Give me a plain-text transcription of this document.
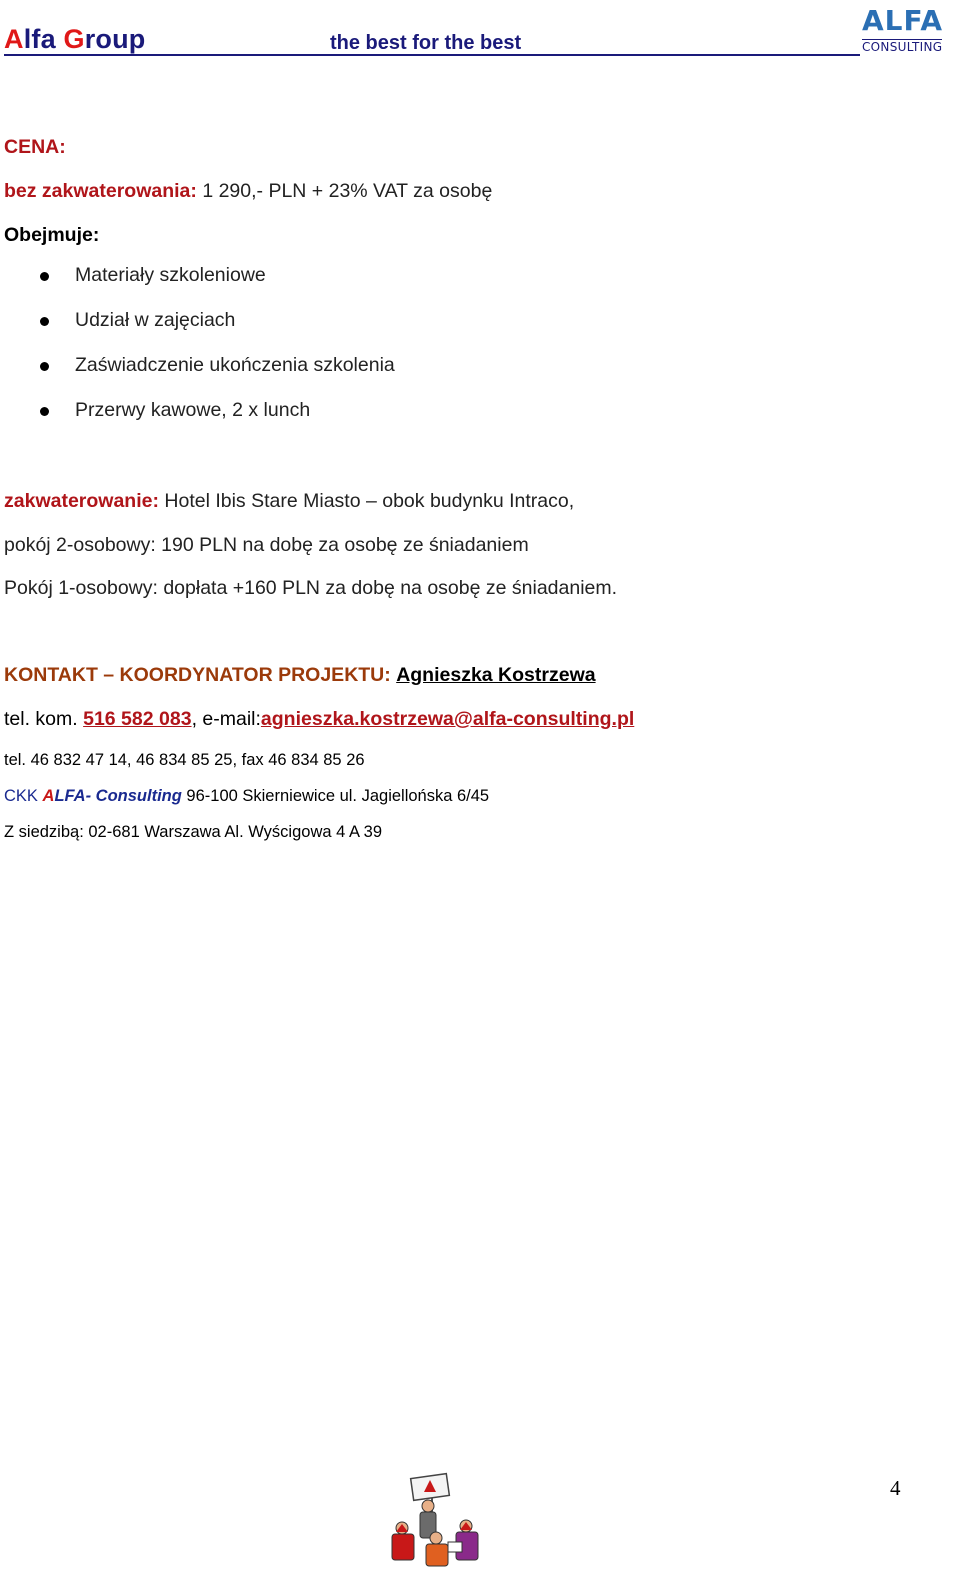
Alfa Group	the best for the best
ALFA
CONSULTING
CENA:
bez zakwaterowania: 1 290,- PLN + 23% VAT za osobę
Obejmuje:
Materiały szkoleniowe
Udział w zajęciach
Zaświadczenie ukończenia szkolenia
Przerwy kawowe, 2 x lunch
zakwaterowanie: Hotel Ibis Stare Miasto – obok budynku Intraco,
pokój 2-osobowy: 190 PLN na dobę za osobę ze śniadaniem
Pokój 1-osobowy: dopłata +160 PLN za dobę na osobę ze śniadaniem.
KONTAKT – KOORDYNATOR PROJEKTU: Agnieszka Kostrzewa
tel. kom. 516 582 083, e-mail:agnieszka.kostrzewa@alfa-consulting.pl
tel. 46 832 47 14, 46 834 85 25, fax 46 834 85 26
CKK ALFA- Consulting 96-100 Skierniewice ul. Jagiellońska 6/45
Z siedzibą: 02-681 Warszawa Al. Wyścigowa 4 A 39
4
